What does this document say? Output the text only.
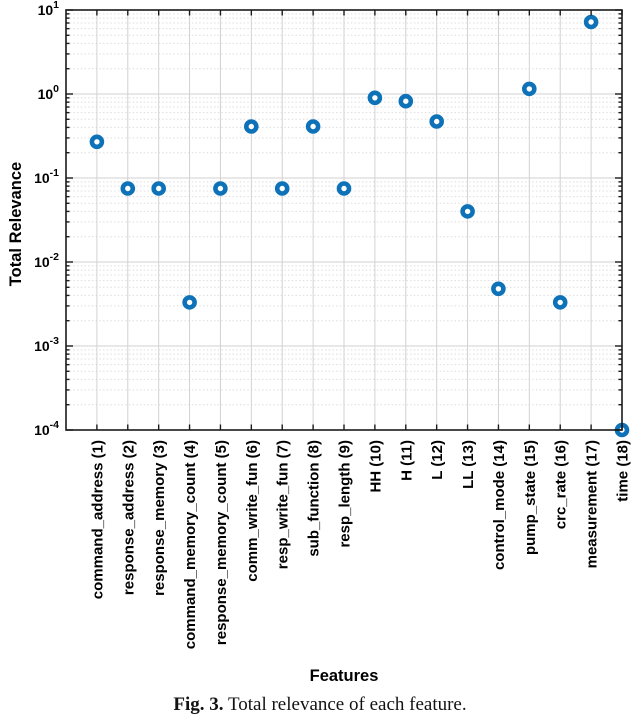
$10^1$
$10^0$
$10^{-1}$
$10^{-2}$
$10^{-3}$
$10^{-4}$
command_address (1) response_address (2) response_memory (3) command_memory_count (4) response_memory_count (5) comm_write_fun (6) resp_write_fun (7) sub_function (8) resp_length (9) HH (10) H (11) L (12) LL (13) control_mode (14) pump_state (15) crc_rate (16) measurement (17) time (18)
Total Relevance
Features
Fig. 3. Total relevance of each feature.
